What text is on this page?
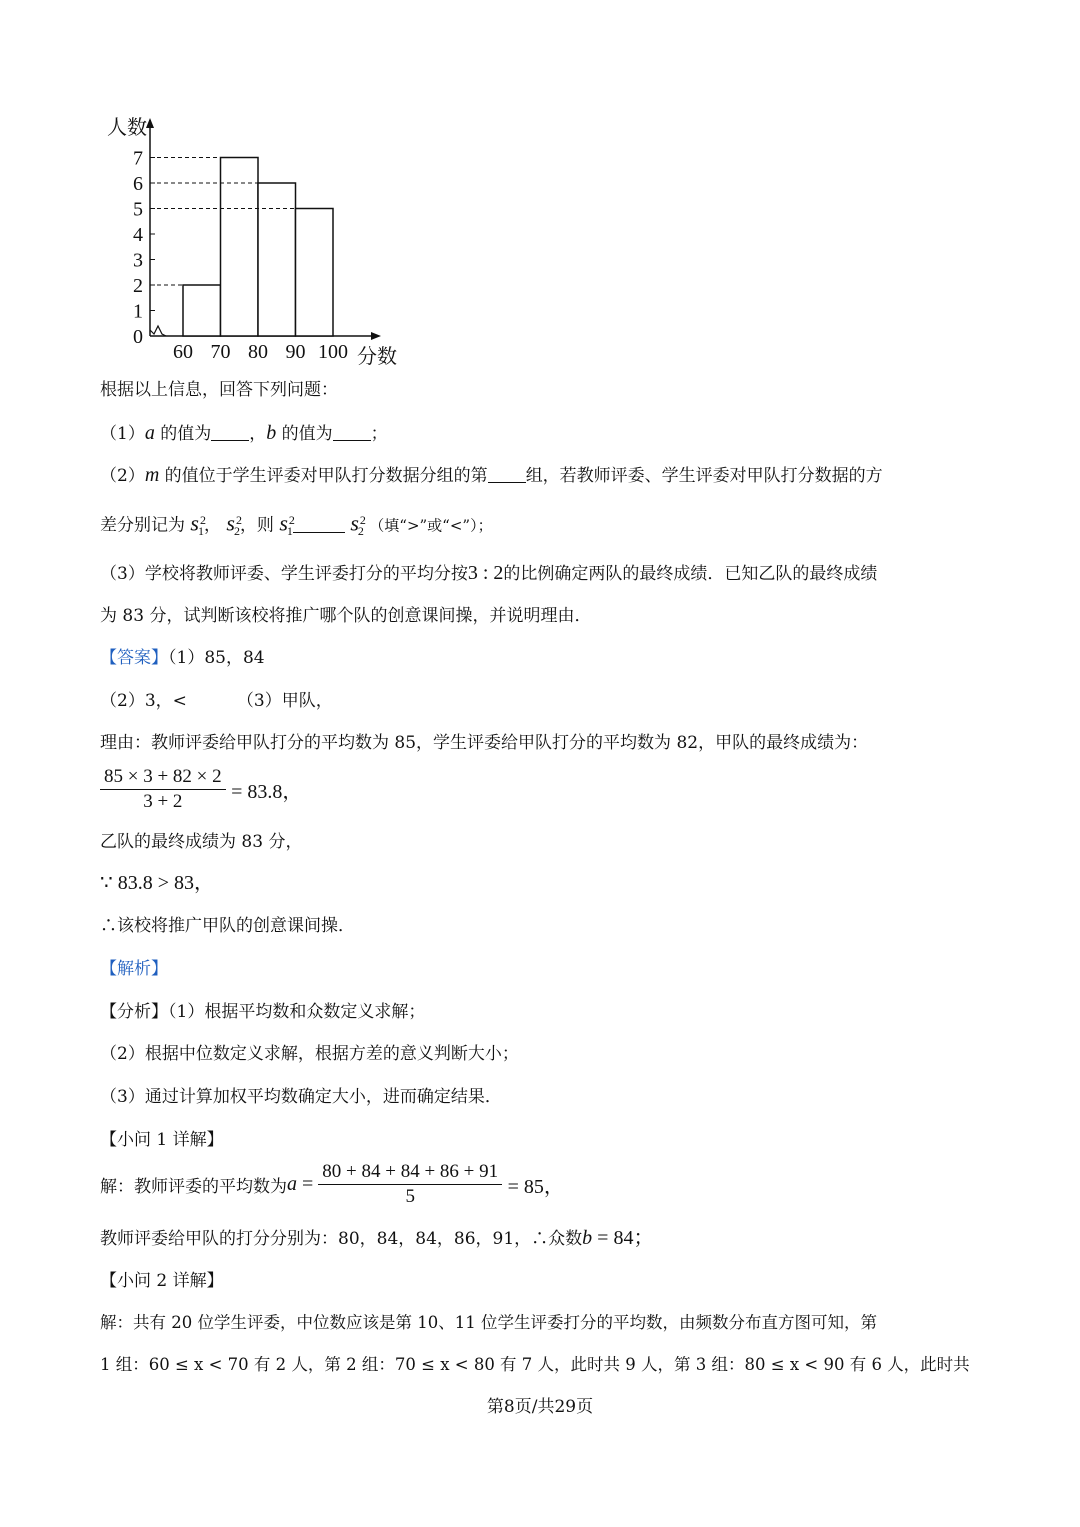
0
1
2
3
4
5
6
7
60 70 80 90 100
人数
分数
根据以上信息，回答下列问题：
（1）a 的值为 ，b 的值为 ；
（2）m 的值位于学生评委对甲队打分数据分组的第 组，若教师评委、学生评委对甲队打分数据的方
差分别记为 $s^2_1$， $s^2_2$，则 $s^2_1$	$s^2_2$ （填“>”或“<”）；
（3）学校将教师评委、学生评委打分的平均分按3 : 2的比例确定两队的最终成绩．已知乙队的最终成绩
为 83 分，试判断该校将推广哪个队的创意课间操，并说明理由．
【答案】（1）85，84
（2）3，<	（3）甲队，
理由：教师评委给甲队打分的平均数为 85，学生评委给甲队打分的平均数为 82，甲队的最终成绩为：
$\frac{85 \times 3 + 82 \times 2}{3 + 2} = 83.8$，
乙队的最终成绩为 83 分，
∵ 83.8 > 83，
∴该校将推广甲队的创意课间操．
【解析】
【分析】（1）根据平均数和众数定义求解；
（2）根据中位数定义求解，根据方差的意义判断大小；
（3）通过计算加权平均数确定大小，进而确定结果．
【小问 1 详解】
解：教师评委的平均数为$a = \frac{80 + 84 + 84 + 86 + 91}{5} = 85$，
教师评委给甲队的打分分别为：80，84，84，86，91，∴众数b = 84；
【小问 2 详解】
解：共有 20 位学生评委，中位数应该是第 10、11 位学生评委打分的平均数，由频数分布直方图可知，第
1 组：60 ≤ x < 70 有 2 人，第 2 组：70 ≤ x < 80 有 7 人，此时共 9 人，第 3 组：80 ≤ x < 90 有 6 人，此时共
第8页/共29页
